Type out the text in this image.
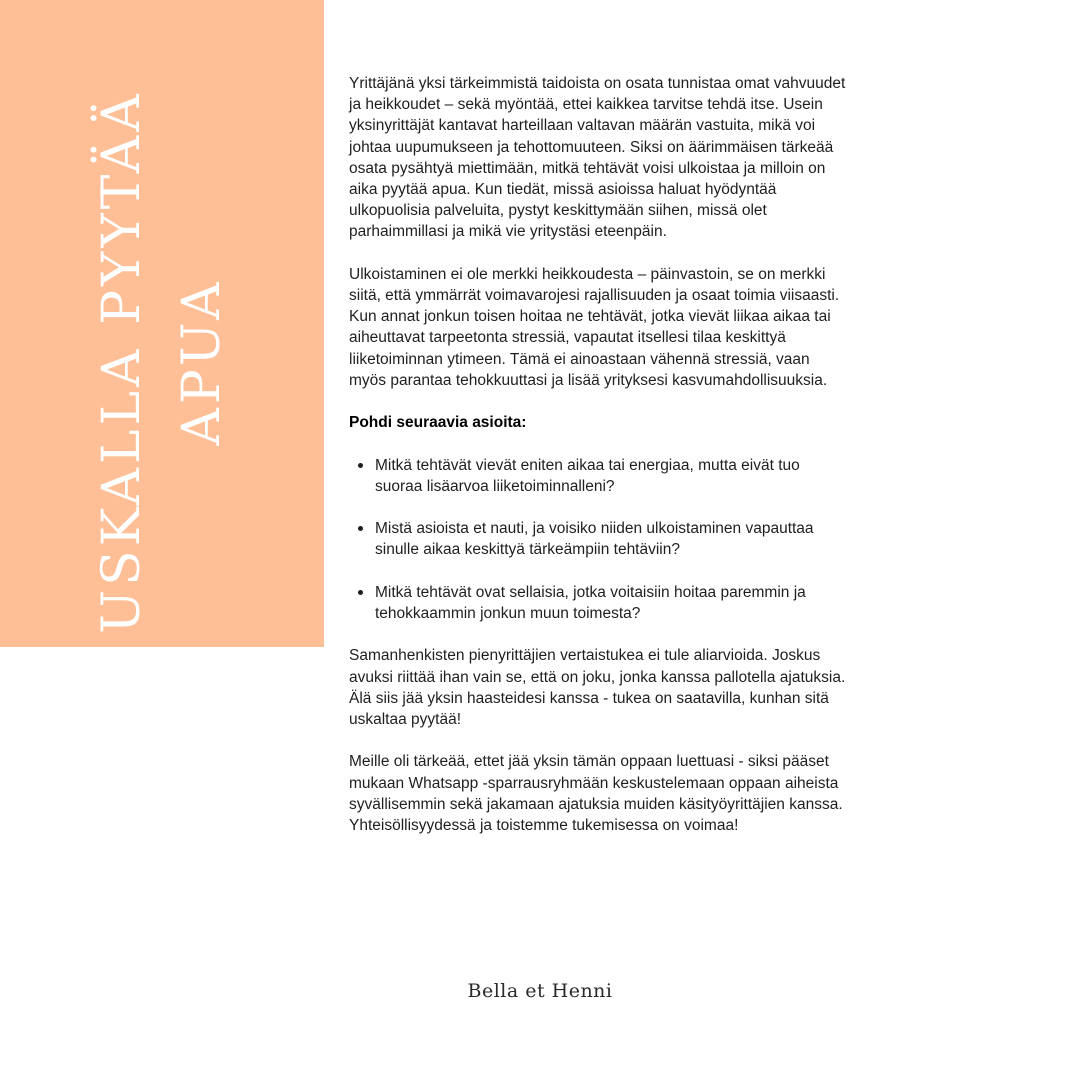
USKALLA PYYTÄÄ APUA

Yrittäjänä yksi tärkeimmistä taidoista on osata tunnistaa omat vahvuudet ja heikkoudet – sekä myöntää, ettei kaikkea tarvitse tehdä itse. Usein yksinyrittäjät kantavat harteillaan valtavan määrän vastuita, mikä voi johtaa uupumukseen ja tehottomuuteen. Siksi on äärimmäisen tärkeää osata pysähtyä miettimään, mitkä tehtävät voisi ulkoistaa ja milloin on aika pyytää apua. Kun tiedät, missä asioissa haluat hyödyntää ulkopuolisia palveluita, pystyt keskittymään siihen, missä olet parhaimmillasi ja mikä vie yritystäsi eteenpäin.

Ulkoistaminen ei ole merkki heikkoudesta – päinvastoin, se on merkki siitä, että ymmärrät voimavarojesi rajallisuuden ja osaat toimia viisaasti. Kun annat jonkun toisen hoitaa ne tehtävät, jotka vievät liikaa aikaa tai aiheuttavat tarpeetonta stressiä, vapautat itsellesi tilaa keskittyä liiketoiminnan ytimeen. Tämä ei ainoastaan vähennä stressiä, vaan myös parantaa tehokkuuttasi ja lisää yrityksesi kasvumahdollisuuksia.

Pohdi seuraavia asioita:
Mitkä tehtävät vievät eniten aikaa tai energiaa, mutta eivät tuo suoraa lisäarvoa liiketoiminnalleni?
Mistä asioista et nauti, ja voisiko niiden ulkoistaminen vapauttaa sinulle aikaa keskittyä tärkeämpiin tehtäviin?
Mitkä tehtävät ovat sellaisia, jotka voitaisiin hoitaa paremmin ja tehokkaammin jonkun muun toimesta?

Samanhenkisten pienyrittäjien vertaistukea ei tule aliarvioida. Joskus avuksi riittää ihan vain se, että on joku, jonka kanssa pallotella ajatuksia. Älä siis jää yksin haasteidesi kanssa - tukea on saatavilla, kunhan sitä uskaltaa pyytää!

Meille oli tärkeää, ettet jää yksin tämän oppaan luettuasi - siksi pääset mukaan Whatsapp -sparrausryhmään keskustelemaan oppaan aiheista syvällisemmin sekä jakamaan ajatuksia muiden käsityöyrittäjien kanssa. Yhteisöllisyydessä ja toistemme tukemisessa on voimaa!

Bella et Henni
